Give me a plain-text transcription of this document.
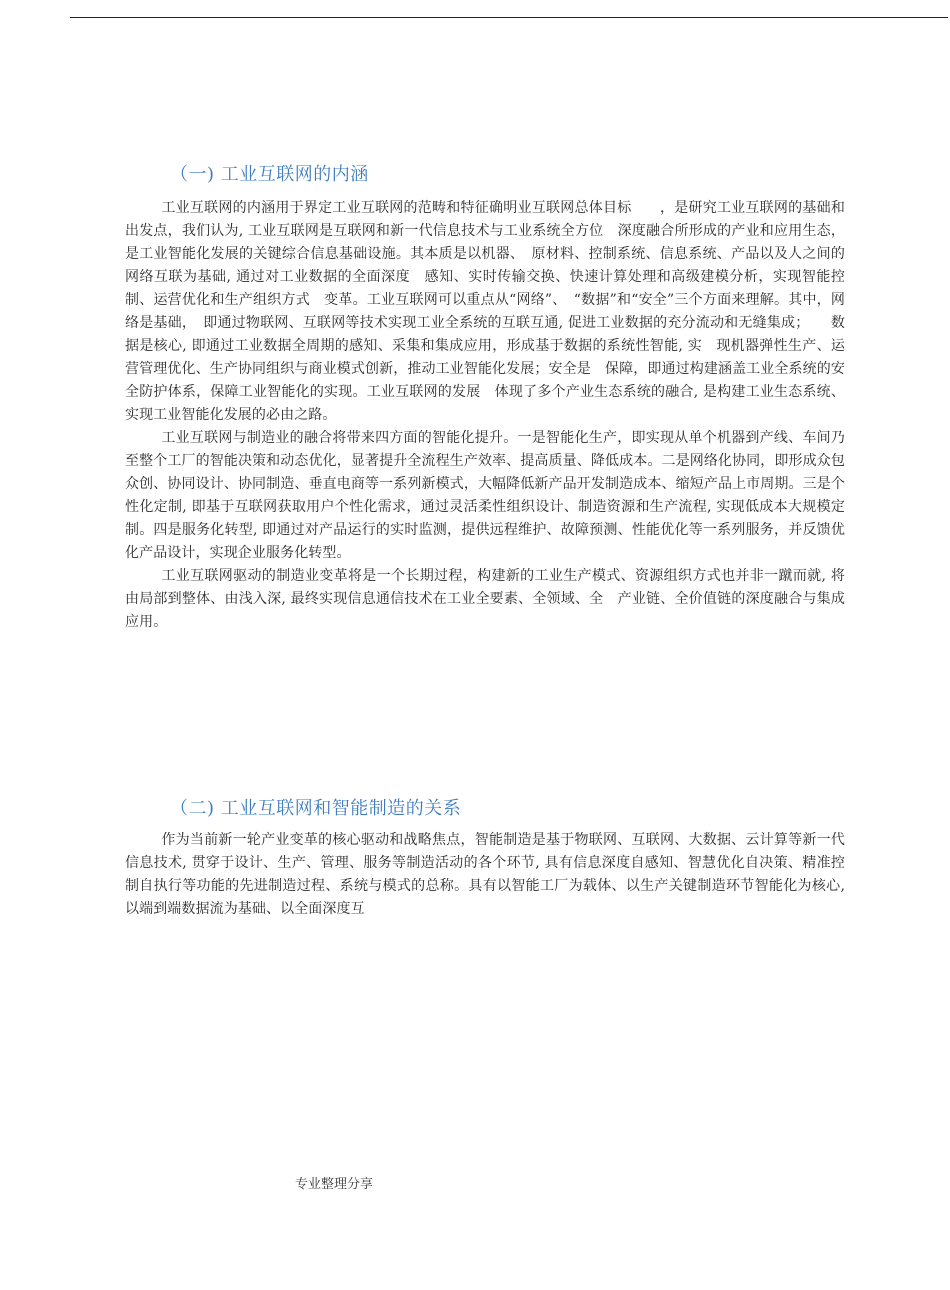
（一) 工业互联网的内涵

工业互联网的内涵用于界定工业互联网的范畴和特征确明业互联网总体目标　　，是研究工业互联网的基础和出发点，我们认为, 工业互联网是互联网和新一代信息技术与工业系统全方位　深度融合所形成的产业和应用生态，是工业智能化发展的关键综合信息基础设施。其本质是以机器、　原材料、控制系统、信息系统、产品以及人之间的网络互联为基础, 通过对工业数据的全面深度　感知、实时传输交换、快速计算处理和高级建模分析，实现智能控制、运营优化和生产组织方式　变革。工业互联网可以重点从“网络”、　“数据”和“安全”三个方面来理解。其中，网络是基础，　即通过物联网、互联网等技术实现工业全系统的互联互通, 促进工业数据的充分流动和无缝集成；　　数据是核心, 即通过工业数据全周期的感知、采集和集成应用，形成基于数据的系统性智能, 实　现机器弹性生产、运营管理优化、生产协同组织与商业模式创新，推动工业智能化发展；安全是　保障，即通过构建涵盖工业全系统的安全防护体系，保障工业智能化的实现。工业互联网的发展　体现了多个产业生态系统的融合, 是构建工业生态系统、实现工业智能化发展的必由之路。

工业互联网与制造业的融合将带来四方面的智能化提升。一是智能化生产，即实现从单个机器到产线、车间乃至整个工厂的智能决策和动态优化，显著提升全流程生产效率、提高质量、降低成本。二是网络化协同，即形成众包众创、协同设计、协同制造、垂直电商等一系列新模式，大幅降低新产品开发制造成本、缩短产品上市周期。三是个性化定制, 即基于互联网获取用户个性化需求，通过灵活柔性组织设计、制造资源和生产流程, 实现低成本大规模定制。四是服务化转型, 即通过对产品运行的实时监测，提供远程维护、故障预测、性能优化等一系列服务，并反馈优化产品设计，实现企业服务化转型。

工业互联网驱动的制造业变革将是一个长期过程，构建新的工业生产模式、资源组织方式也并非一蹴而就, 将由局部到整体、由浅入深, 最终实现信息通信技术在工业全要素、全领域、全　产业链、全价值链的深度融合与集成应用。

（二) 工业互联网和智能制造的关系

作为当前新一轮产业变革的核心驱动和战略焦点，智能制造是基于物联网、互联网、大数据、云计算等新一代信息技术, 贯穿于设计、生产、管理、服务等制造活动的各个环节, 具有信息深度自感知、智慧优化自决策、精准控制自执行等功能的先进制造过程、系统与模式的总称。具有以智能工厂为载体、以生产关键制造环节智能化为核心, 以端到端数据流为基础、以全面深度互

专业整理分享
